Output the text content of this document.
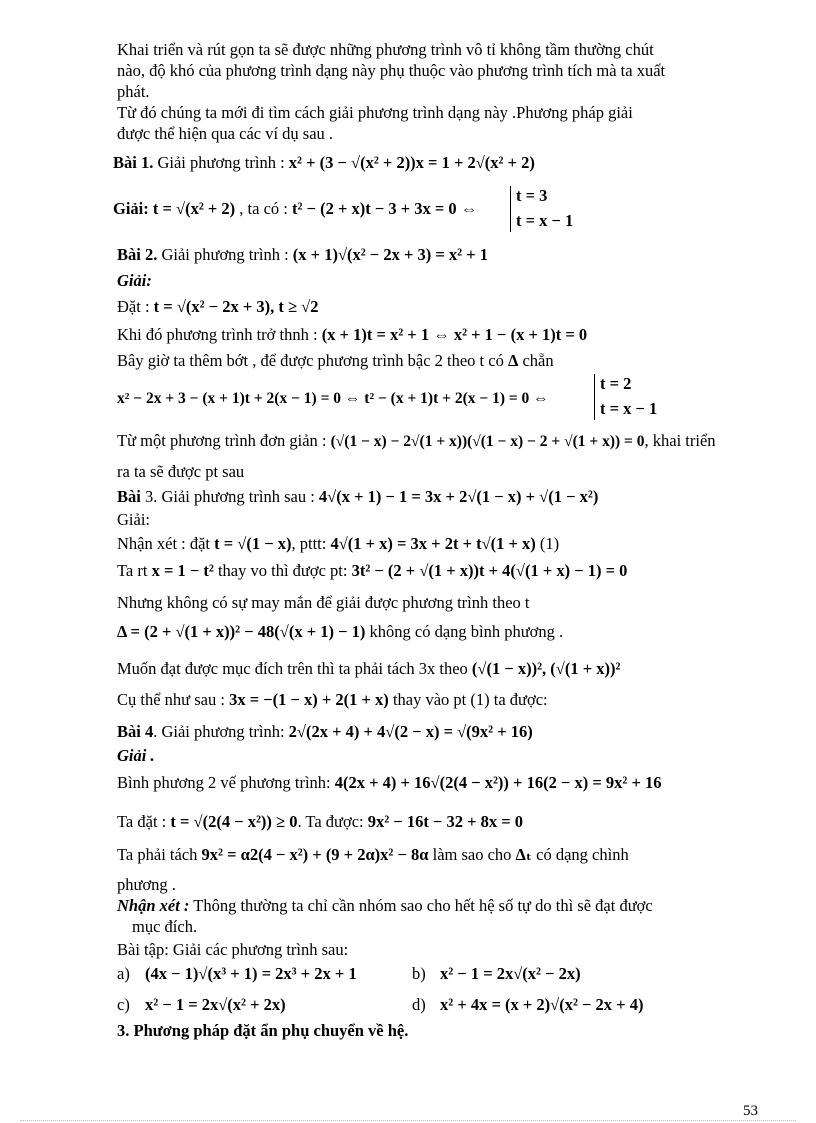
Khai triển và rút gọn ta sẽ được những phương trình vô tỉ không tầm thường chút
nào, độ khó của phương trình dạng này phụ thuộc vào phương trình tích mà ta xuất
phát.
Từ đó chúng ta mới đi tìm cách giải phương trình dạng này .Phương pháp giải
được thể hiện qua các ví dụ sau .
Bài 1. Giải phương trình : x² + (3 − √(x² + 2))x = 1 + 2√(x² + 2)
Giải: t = √(x² + 2) , ta có : t² − (2 + x)t − 3 + 3x = 0 ⇔
t = 3
t = x − 1
Bài 2. Giải phương trình : (x + 1)√(x² − 2x + 3) = x² + 1
Giải:
Đặt : t = √(x² − 2x + 3), t ≥ √2
Khi đó phương trình trở thnh : (x + 1)t = x² + 1 ⇔ x² + 1 − (x + 1)t = 0
Bây giờ ta thêm bớt , để được phương trình bậc 2 theo t có Δ chẵn
x² − 2x + 3 − (x + 1)t + 2(x − 1) = 0 ⇔ t² − (x + 1)t + 2(x − 1) = 0 ⇔
t = 2
t = x − 1
Từ một phương trình đơn giản : (√(1 − x) − 2√(1 + x))(√(1 − x) − 2 + √(1 + x)) = 0, khai triển
ra ta sẽ được pt sau
Bài 3. Giải phương trình sau : 4√(x + 1) − 1 = 3x + 2√(1 − x) + √(1 − x²)
Giải:
Nhận xét : đặt t = √(1 − x), pttt: 4√(1 + x) = 3x + 2t + t√(1 + x) (1)
Ta rt x = 1 − t² thay vo thì được pt: 3t² − (2 + √(1 + x))t + 4(√(1 + x) − 1) = 0
Nhưng không có sự may mắn để giải được phương trình theo t
Δ = (2 + √(1 + x))² − 48(√(x + 1) − 1) không có dạng bình phương .
Muốn đạt được mục đích trên thì ta phải tách 3x theo (√(1 − x))², (√(1 + x))²
Cụ thể như sau : 3x = −(1 − x) + 2(1 + x) thay vào pt (1) ta được:
Bài 4. Giải phương trình: 2√(2x + 4) + 4√(2 − x) = √(9x² + 16)
Giải .
Bình phương 2 vế phương trình: 4(2x + 4) + 16√(2(4 − x²)) + 16(2 − x) = 9x² + 16
Ta đặt : t = √(2(4 − x²)) ≥ 0. Ta được: 9x² − 16t − 32 + 8x = 0
Ta phải tách 9x² = α2(4 − x²) + (9 + 2α)x² − 8α làm sao cho Δₜ có dạng chình
phương .
Nhận xét : Thông thường ta chỉ cần nhóm sao cho hết hệ số tự do thì sẽ đạt được
mục đích.
Bài tập: Giải các phương trình sau:
a) (4x − 1)√(x³ + 1) = 2x³ + 2x + 1	b) x² − 1 = 2x√(x² − 2x)
c) x² − 1 = 2x√(x² + 2x)	d) x² + 4x = (x + 2)√(x² − 2x + 4)
3. Phương pháp đặt ẩn phụ chuyển về hệ.
53
